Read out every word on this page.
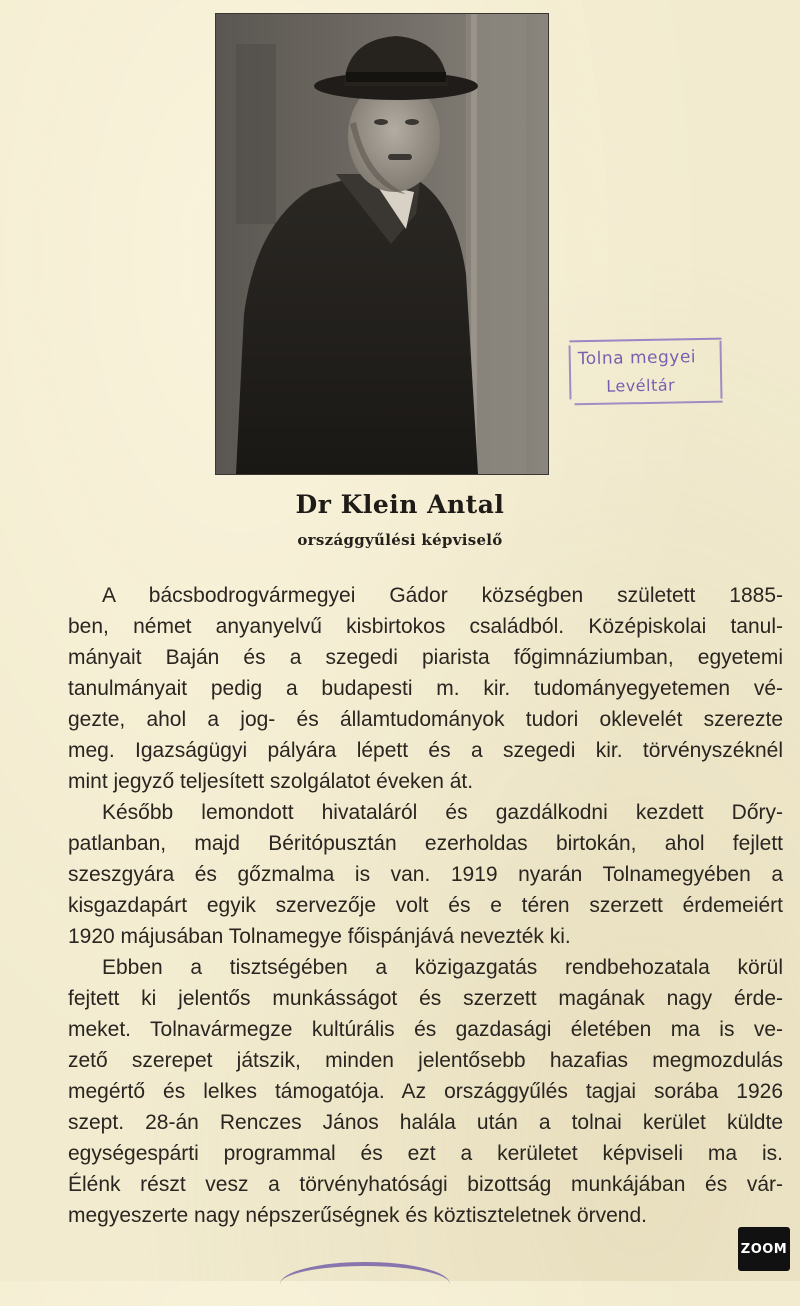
Tolna megyei
Levéltár
Dr Klein Antal
országgyűlési képviselő
A bácsbodrogvármegyei Gádor községben született 1885-
ben, német anyanyelvű kisbirtokos családból. Középiskolai tanul-
mányait Baján és a szegedi piarista főgimnáziumban, egyetemi
tanulmányait pedig a budapesti m. kir. tudományegyetemen vé-
gezte, ahol a jog- és államtudományok tudori oklevelét szerezte
meg. Igazságügyi pályára lépett és a szegedi kir. törvényszéknél
mint jegyző teljesített szolgálatot éveken át.
Később lemondott hivataláról és gazdálkodni kezdett Dőry-
patlanban, majd Béritópusztán ezerholdas birtokán, ahol fejlett
szeszgyára és gőzmalma is van. 1919 nyarán Tolnamegyében a
kisgazdapárt egyik szervezője volt és e téren szerzett érdemeiért
1920 májusában Tolnamegye főispánjává nevezték ki.
Ebben a tisztségében a közigazgatás rendbehozatala körül
fejtett ki jelentős munkásságot és szerzett magának nagy érde-
meket. Tolnavármegze kultúrális és gazdasági életében ma is ve-
zető szerepet játszik, minden jelentősebb hazafias megmozdulás
megértő és lelkes támogatója. Az országgyűlés tagjai sorába 1926
szept. 28-án Renczes János halála után a tolnai kerület küldte
egységespárti programmal és ezt a kerületet képviseli ma is.
Élénk részt vesz a törvényhatósági bizottság munkájában és vár-
megyeszerte nagy népszerűségnek és köztiszteletnek örvend.
ZOOM
